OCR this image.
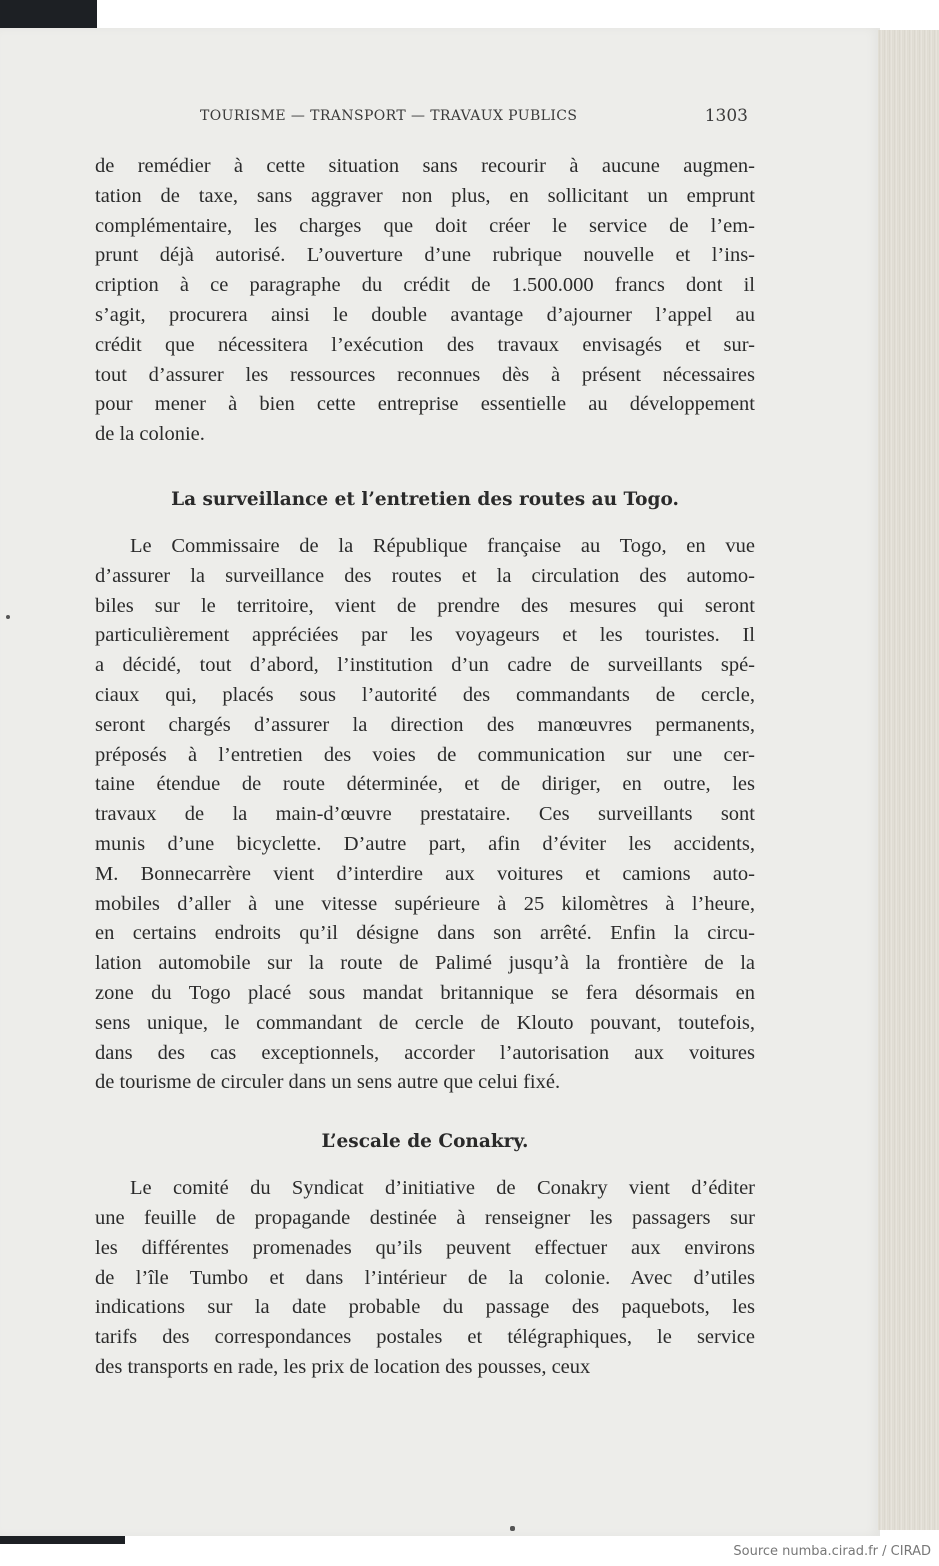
TOURISME — TRANSPORT — TRAVAUX PUBLICS	1303
de remédier à cette situation sans recourir à aucune augmen-
tation de taxe, sans aggraver non plus, en sollicitant un emprunt
complémentaire, les charges que doit créer le service de l’em-
prunt déjà autorisé. L’ouverture d’une rubrique nouvelle et l’ins-
cription à ce paragraphe du crédit de 1.500.000 francs dont il
s’agit, procurera ainsi le double avantage d’ajourner l’appel au
crédit que nécessitera l’exécution des travaux envisagés et sur-
tout d’assurer les ressources reconnues dès à présent nécessaires
pour mener à bien cette entreprise essentielle au développement
de la colonie.
La surveillance et l’entretien des routes au Togo.
Le Commissaire de la République française au Togo, en vue
d’assurer la surveillance des routes et la circulation des automo-
biles sur le territoire, vient de prendre des mesures qui seront
particulièrement appréciées par les voyageurs et les touristes. Il
a décidé, tout d’abord, l’institution d’un cadre de surveillants spé-
ciaux qui, placés sous l’autorité des commandants de cercle,
seront chargés d’assurer la direction des manœuvres permanents,
préposés à l’entretien des voies de communication sur une cer-
taine étendue de route déterminée, et de diriger, en outre, les
travaux de la main-d’œuvre prestataire. Ces surveillants sont
munis d’une bicyclette. D’autre part, afin d’éviter les accidents,
M. Bonnecarrère vient d’interdire aux voitures et camions auto-
mobiles d’aller à une vitesse supérieure à 25 kilomètres à l’heure,
en certains endroits qu’il désigne dans son arrêté. Enfin la circu-
lation automobile sur la route de Palimé jusqu’à la frontière de la
zone du Togo placé sous mandat britannique se fera désormais en
sens unique, le commandant de cercle de Klouto pouvant, toutefois,
dans des cas exceptionnels, accorder l’autorisation aux voitures
de tourisme de circuler dans un sens autre que celui fixé.
L’escale de Conakry.
Le comité du Syndicat d’initiative de Conakry vient d’éditer
une feuille de propagande destinée à renseigner les passagers sur
les différentes promenades qu’ils peuvent effectuer aux environs
de l’île Tumbo et dans l’intérieur de la colonie. Avec d’utiles
indications sur la date probable du passage des paquebots, les
tarifs des correspondances postales et télégraphiques, le service
des transports en rade, les prix de location des pousses, ceux
Source numba.cirad.fr / CIRAD
